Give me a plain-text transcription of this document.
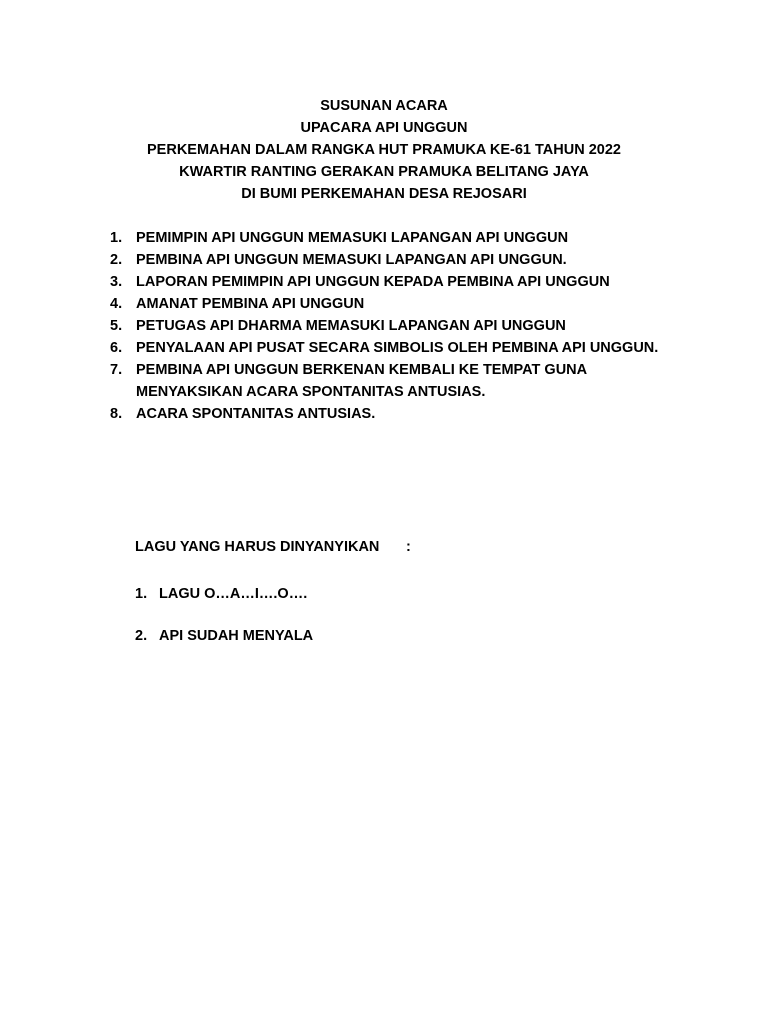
SUSUNAN ACARA
UPACARA API UNGGUN
PERKEMAHAN DALAM RANGKA HUT PRAMUKA KE-61 TAHUN 2022
KWARTIR RANTING GERAKAN PRAMUKA BELITANG JAYA
DI BUMI PERKEMAHAN DESA REJOSARI
1. PEMIMPIN API UNGGUN MEMASUKI LAPANGAN API UNGGUN
2. PEMBINA API UNGGUN MEMASUKI LAPANGAN API UNGGUN.
3. LAPORAN PEMIMPIN API UNGGUN KEPADA PEMBINA API UNGGUN
4. AMANAT PEMBINA API UNGGUN
5. PETUGAS API DHARMA MEMASUKI LAPANGAN API UNGGUN
6. PENYALAAN API PUSAT SECARA SIMBOLIS OLEH PEMBINA API UNGGUN.
7. PEMBINA API UNGGUN BERKENAN KEMBALI KE TEMPAT GUNA MENYAKSIKAN ACARA SPONTANITAS ANTUSIAS.
8. ACARA SPONTANITAS ANTUSIAS.
LAGU YANG HARUS DINYANYIKAN :
1. LAGU O…A…I….O….
2. API SUDAH MENYALA
